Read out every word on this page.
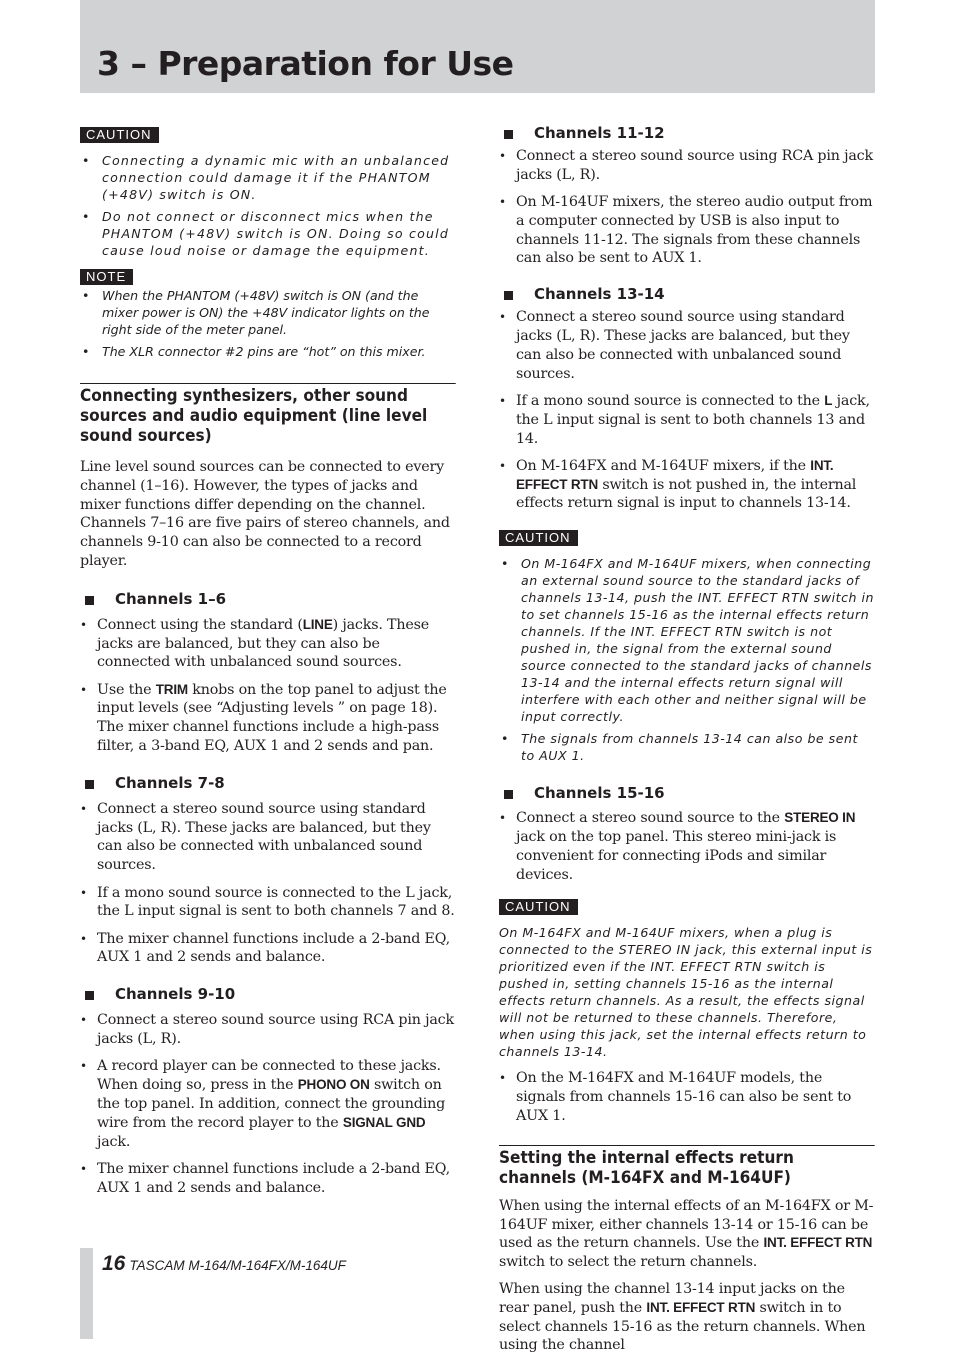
3 – Preparation for Use
CAUTION
• Connecting a dynamic mic with an unbalanced connection could damage it if the PHANTOM (+48V) switch is ON.
• Do not connect or disconnect mics when the PHANTOM (+48V) switch is ON. Doing so could cause loud noise or damage the equipment.
NOTE
• When the PHANTOM (+48V) switch is ON (and the mixer power is ON) the +48V indicator lights on the right side of the meter panel.
• The XLR connector #2 pins are “hot” on this mixer.
Connecting synthesizers, other sound sources and audio equipment (line level sound sources)

Line level sound sources can be connected to every channel (1–16). However, the types of jacks and mixer functions differ depending on the channel. Channels 7–16 are five pairs of stereo channels, and channels 9-10 can also be connected to a record player.

Channels 1–6
• Connect using the standard (LINE) jacks. These jacks are balanced, but they can also be connected with unbalanced sound sources.
• Use the TRIM knobs on the top panel to adjust the input levels (see “Adjusting levels ” on page 18). The mixer channel functions include a high-pass filter, a 3-band EQ, AUX 1 and 2 sends and pan.
Channels 7-8
• Connect a stereo sound source using standard jacks (L, R). These jacks are balanced, but they can also be connected with unbalanced sound sources.
• If a mono sound source is connected to the L jack, the L input signal is sent to both channels 7 and 8.
• The mixer channel functions include a 2-band EQ, AUX 1 and 2 sends and balance.
Channels 9-10
• Connect a stereo sound source using RCA pin jack jacks (L, R).
• A record player can be connected to these jacks. When doing so, press in the PHONO ON switch on the top panel. In addition, connect the grounding wire from the record player to the SIGNAL GND jack.
• The mixer channel functions include a 2-band EQ, AUX 1 and 2 sends and balance.
Channels 11-12
• Connect a stereo sound source using RCA pin jack jacks (L, R).
• On M-164UF mixers, the stereo audio output from a computer connected by USB is also input to channels 11-12. The signals from these channels can also be sent to AUX 1.
Channels 13-14
• Connect a stereo sound source using standard jacks (L, R). These jacks are balanced, but they can also be connected with unbalanced sound sources.
• If a mono sound source is connected to the L jack, the L input signal is sent to both channels 13 and 14.
• On M-164FX and M-164UF mixers, if the INT. EFFECT RTN switch is not pushed in, the internal effects return signal is input to channels 13-14.
CAUTION
• On M-164FX and M-164UF mixers, when connecting an external sound source to the standard jacks of channels 13-14, push the INT. EFFECT RTN switch in to set channels 15-16 as the internal effects return channels. If the INT. EFFECT RTN switch is not pushed in, the signal from the external sound source connected to the standard jacks of channels 13-14 and the internal effects return signal will interfere with each other and neither signal will be input correctly.
• The signals from channels 13-14 can also be sent to AUX 1.
Channels 15-16
• Connect a stereo sound source to the STEREO IN jack on the top panel. This stereo mini-jack is convenient for connecting iPods and similar devices.
CAUTION
On M-164FX and M-164UF mixers, when a plug is connected to the STEREO IN jack, this external input is prioritized even if the INT. EFFECT RTN switch is pushed in, setting channels 15-16 as the internal effects return channels. As a result, the effects signal will not be returned to these channels. Therefore, when using this jack, set the internal effects return to channels 13-14.
• On the M-164FX and M-164UF models, the signals from channels 15-16 can also be sent to AUX 1.
Setting the internal effects return channels (M-164FX and M-164UF)

When using the internal effects of an M-164FX or M-164UF mixer, either channels 13-14 or 15-16 can be used as the return channels. Use the INT. EFFECT RTN switch to select the return channels.

When using the channel 13-14 input jacks on the rear panel, push the INT. EFFECT RTN switch in to select channels 15-16 as the return channels. When using the channel

16 TASCAM M-164/M-164FX/M-164UF
